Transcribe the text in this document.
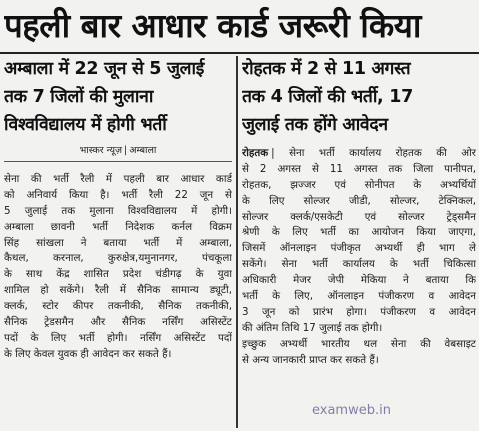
पहली बार आधार कार्ड जरूरी किया
अम्बाला में 22 जून से 5 जुलाई
तक 7 जिलों की मुलाना
विश्वविद्यालय में होगी भर्ती
भास्कर न्यूज़ | अम्बाला
सेना की भर्ती रैली में पहली बार आधार कार्ड
को अनिवार्य किया है। भर्ती रैली 22 जून से
5 जुलाई तक मुलाना विश्वविद्यालय में होगी।
अम्बाला छावनी भर्ती निदेशक कर्नल विक्रम
सिंह सांखला ने बताया भर्ती में अम्बाला,
कैथल, करनाल, कुरुक्षेत्र,यमुनानगर, पंचकूला
के साथ केंद्र शासित प्रदेश चंडीगढ़ के युवा
शामिल हो सकेंगे। रैली में सैनिक सामान्य ड्यूटी,
क्लर्क, स्टोर कीपर तकनीकी, सैनिक तकनीकी,
सैनिक ट्रेडसमैन और सैनिक नर्सिंग असिस्टेंट
पदों के लिए भर्ती होगी। नर्सिंग असिस्टेंट पदों
के लिए केवल युवक ही आवेदन कर सकते हैं।
रोहतक में 2 से 11 अगस्त
तक 4 जिलों की भर्ती, 17
जुलाई तक होंगे आवेदन
रोहतक | सेना भर्ती कार्यालय रोहतक की ओर
से 2 अगस्त से 11 अगस्त तक जिला पानीपत,
रोहतक, झज्जर एवं सोनीपत के अभ्यर्थियों
के लिए सोल्जर जीडी, सोल्जर, टेक्निकल,
सोल्जर क्लर्क/एसकेटी एवं सोल्जर ट्रेड्समैन
श्रेणी के लिए भर्ती का आयोजन किया जाएगा,
जिसमें ऑनलाइन पंजीकृत अभ्यर्थी ही भाग ले
सकेंगे। सेना भर्ती कार्यालय के भर्ती चिकित्सा
अधिकारी मेजर जेपी मेकिया ने बताया कि
भर्ती के लिए, ऑनलाइन पंजीकरण व आवेदन
3 जून को प्रारंभ होगा। पंजीकरण व आवेदन
की अंतिम तिथि 17 जुलाई तक होगी।
इच्छुक अभ्यर्थी भारतीय थल सेना की वेबसाइट
से अन्य जानकारी प्राप्त कर सकते हैं।
examweb.in
